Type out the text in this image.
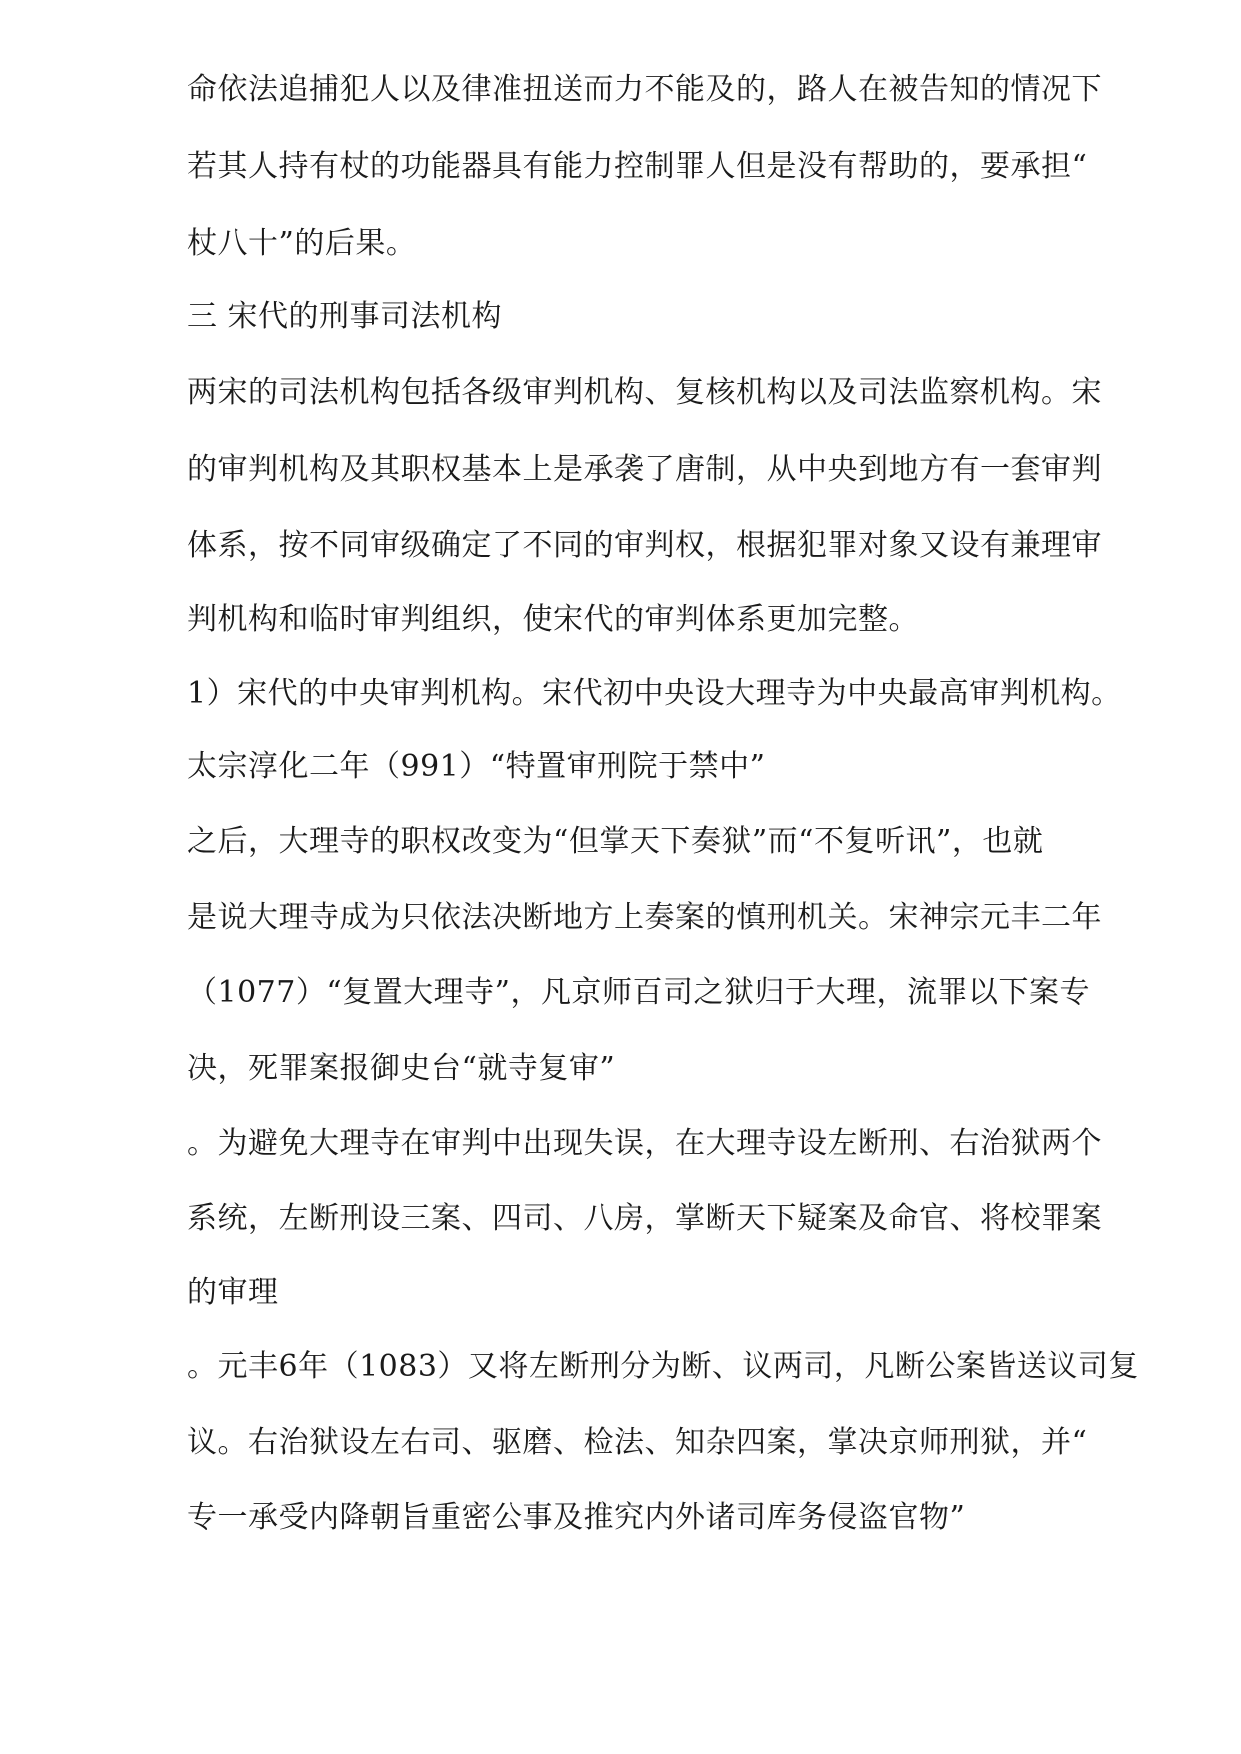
命依法追捕犯人以及律准扭送而力不能及的，路人在被告知的情况下

若其人持有杖的功能器具有能力控制罪人但是没有帮助的，要承担“

杖八十”的后果。

三 宋代的刑事司法机构

两宋的司法机构包括各级审判机构、复核机构以及司法监察机构。宋

的审判机构及其职权基本上是承袭了唐制，从中央到地方有一套审判

体系，按不同审级确定了不同的审判权，根据犯罪对象又设有兼理审

判机构和临时审判组织，使宋代的审判体系更加完整。

1）宋代的中央审判机构。宋代初中央设大理寺为中央最高审判机构。

太宗淳化二年（991）“特置审刑院于禁中”

之后，大理寺的职权改变为“但掌天下奏狱”而“不复听讯”，也就

是说大理寺成为只依法决断地方上奏案的慎刑机关。宋神宗元丰二年

（1077）“复置大理寺”，凡京师百司之狱归于大理，流罪以下案专

决，死罪案报御史台“就寺复审”

。为避免大理寺在审判中出现失误，在大理寺设左断刑、右治狱两个

系统，左断刑设三案、四司、八房，掌断天下疑案及命官、将校罪案

的审理

。元丰6年（1083）又将左断刑分为断、议两司，凡断公案皆送议司复

议。右治狱设左右司、驱磨、检法、知杂四案，掌决京师刑狱，并“

专一承受内降朝旨重密公事及推究内外诸司库务侵盗官物”
